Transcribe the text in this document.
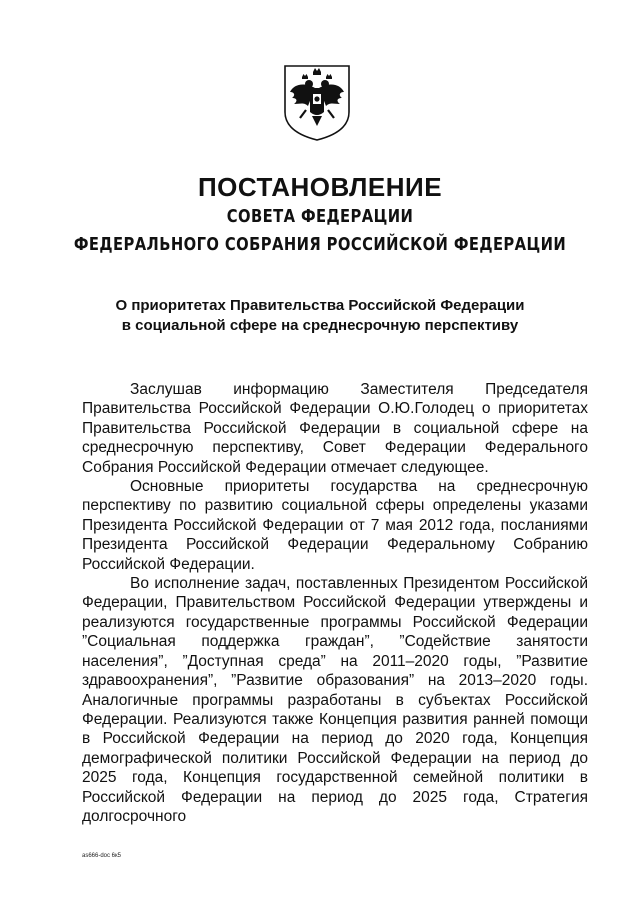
ПОСТАНОВЛЕНИЕ
СОВЕТА ФЕДЕРАЦИИ
ФЕДЕРАЛЬНОГО СОБРАНИЯ РОССИЙСКОЙ ФЕДЕРАЦИИ
О приоритетах Правительства Российской Федерации
в социальной сфере на среднесрочную перспективу

Заслушав информацию Заместителя Председателя Правительства Российской Федерации О.Ю.Голодец о приоритетах Правительства Российской Федерации в социальной сфере на среднесрочную перспективу, Совет Федерации Федерального Собрания Российской Федерации отмечает следующее.

Основные приоритеты государства на среднесрочную перспективу по развитию социальной сферы определены указами Президента Российской Федерации от 7 мая 2012 года, посланиями Президента Российской Федерации Федеральному Собранию Российской Федерации.

Во исполнение задач, поставленных Президентом Российской Федерации, Правительством Российской Федерации утверждены и реализуются государственные программы Российской Федерации ”Социальная поддержка граждан”, ”Содействие занятости населения”, ”Доступная среда” на 2011–2020 годы, ”Развитие здравоохранения”, ”Развитие образования” на 2013–2020 годы. Аналогичные программы разработаны в субъектах Российской Федерации. Реализуются также Концепция развития ранней помощи в Российской Федерации на период до 2020 года, Концепция демографической политики Российской Федерации на период до 2025 года, Концепция государственной семейной политики в Российской Федерации на период до 2025 года, Стратегия долгосрочного

as666-doc 6к5
